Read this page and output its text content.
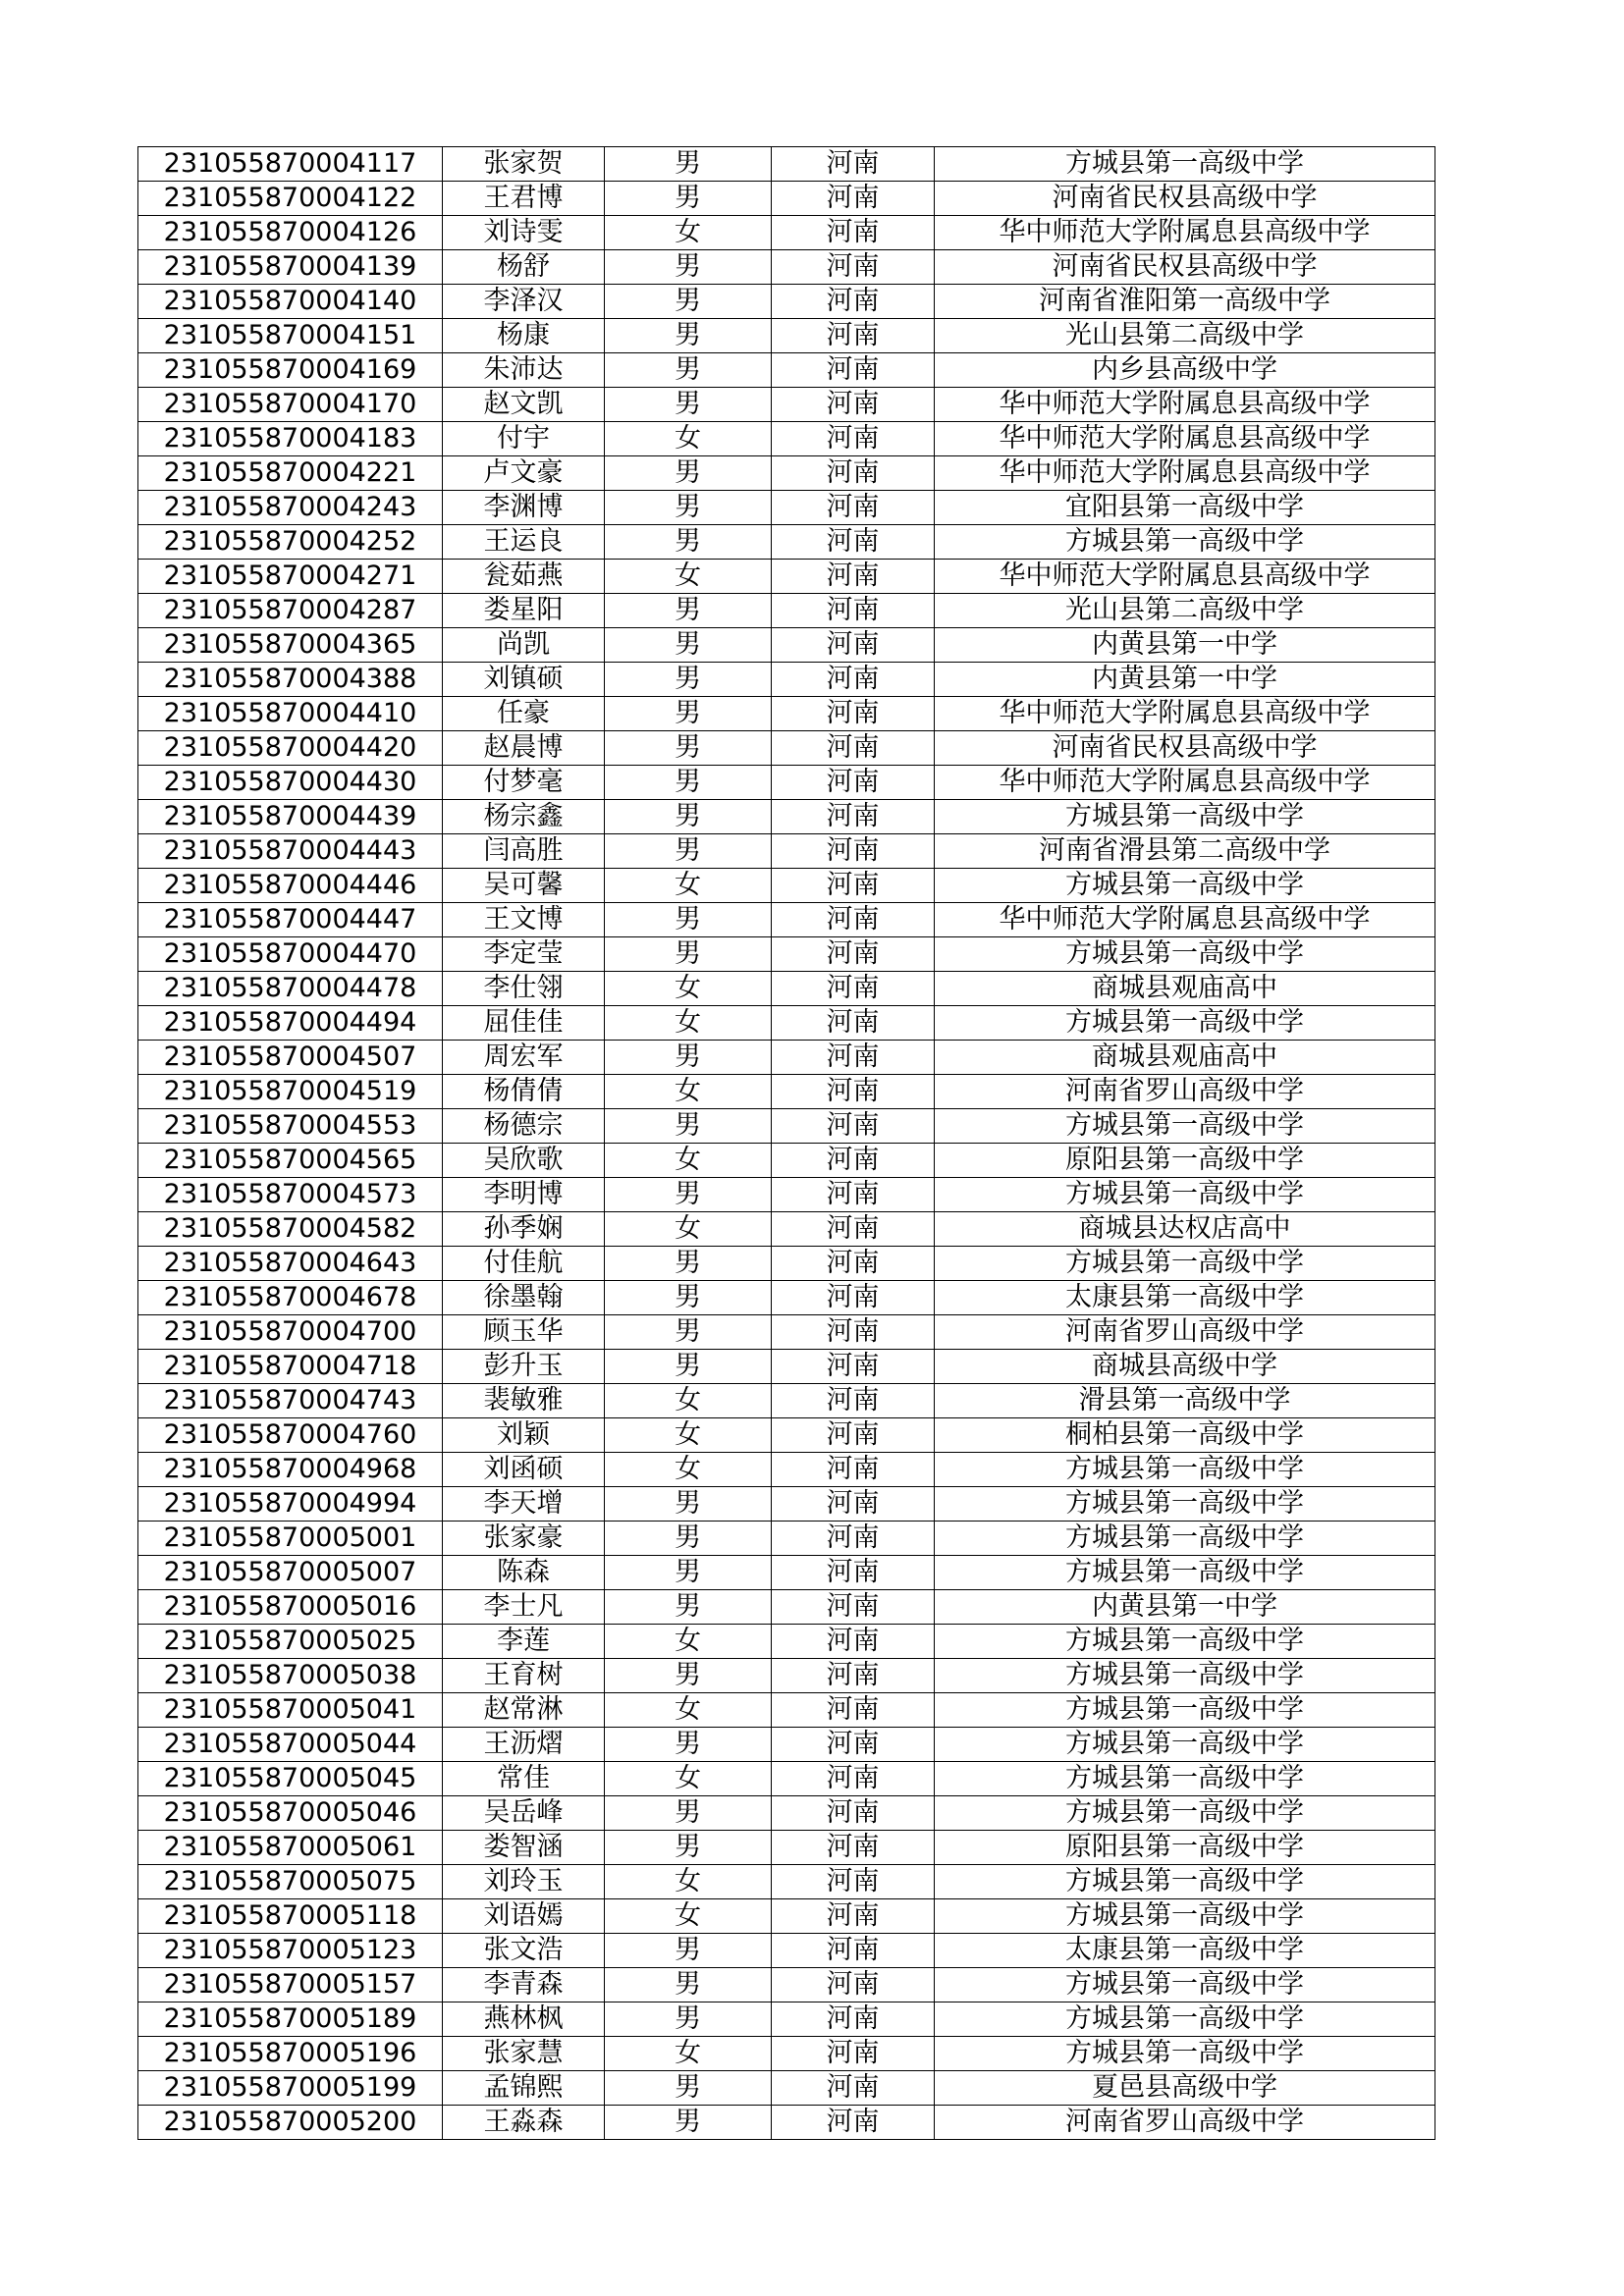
231055870004117	张家贺	男	河南	方城县第一高级中学
231055870004122	王君博	男	河南	河南省民权县高级中学
231055870004126	刘诗雯	女	河南	华中师范大学附属息县高级中学
231055870004139	杨舒	男	河南	河南省民权县高级中学
231055870004140	李泽汉	男	河南	河南省淮阳第一高级中学
231055870004151	杨康	男	河南	光山县第二高级中学
231055870004169	朱沛达	男	河南	内乡县高级中学
231055870004170	赵文凯	男	河南	华中师范大学附属息县高级中学
231055870004183	付宇	女	河南	华中师范大学附属息县高级中学
231055870004221	卢文豪	男	河南	华中师范大学附属息县高级中学
231055870004243	李渊博	男	河南	宜阳县第一高级中学
231055870004252	王运良	男	河南	方城县第一高级中学
231055870004271	瓮茹燕	女	河南	华中师范大学附属息县高级中学
231055870004287	娄星阳	男	河南	光山县第二高级中学
231055870004365	尚凯	男	河南	内黄县第一中学
231055870004388	刘镇硕	男	河南	内黄县第一中学
231055870004410	任豪	男	河南	华中师范大学附属息县高级中学
231055870004420	赵晨博	男	河南	河南省民权县高级中学
231055870004430	付梦毫	男	河南	华中师范大学附属息县高级中学
231055870004439	杨宗鑫	男	河南	方城县第一高级中学
231055870004443	闫高胜	男	河南	河南省滑县第二高级中学
231055870004446	吴可馨	女	河南	方城县第一高级中学
231055870004447	王文博	男	河南	华中师范大学附属息县高级中学
231055870004470	李定莹	男	河南	方城县第一高级中学
231055870004478	李仕翎	女	河南	商城县观庙高中
231055870004494	屈佳佳	女	河南	方城县第一高级中学
231055870004507	周宏军	男	河南	商城县观庙高中
231055870004519	杨倩倩	女	河南	河南省罗山高级中学
231055870004553	杨德宗	男	河南	方城县第一高级中学
231055870004565	吴欣歌	女	河南	原阳县第一高级中学
231055870004573	李明博	男	河南	方城县第一高级中学
231055870004582	孙季娴	女	河南	商城县达权店高中
231055870004643	付佳航	男	河南	方城县第一高级中学
231055870004678	徐墨翰	男	河南	太康县第一高级中学
231055870004700	顾玉华	男	河南	河南省罗山高级中学
231055870004718	彭升玉	男	河南	商城县高级中学
231055870004743	裴敏雅	女	河南	滑县第一高级中学
231055870004760	刘颖	女	河南	桐柏县第一高级中学
231055870004968	刘函硕	女	河南	方城县第一高级中学
231055870004994	李天增	男	河南	方城县第一高级中学
231055870005001	张家豪	男	河南	方城县第一高级中学
231055870005007	陈森	男	河南	方城县第一高级中学
231055870005016	李士凡	男	河南	内黄县第一中学
231055870005025	李莲	女	河南	方城县第一高级中学
231055870005038	王育树	男	河南	方城县第一高级中学
231055870005041	赵常淋	女	河南	方城县第一高级中学
231055870005044	王沥熠	男	河南	方城县第一高级中学
231055870005045	常佳	女	河南	方城县第一高级中学
231055870005046	吴岳峰	男	河南	方城县第一高级中学
231055870005061	娄智涵	男	河南	原阳县第一高级中学
231055870005075	刘玲玉	女	河南	方城县第一高级中学
231055870005118	刘语嫣	女	河南	方城县第一高级中学
231055870005123	张文浩	男	河南	太康县第一高级中学
231055870005157	李青森	男	河南	方城县第一高级中学
231055870005189	燕林枫	男	河南	方城县第一高级中学
231055870005196	张家慧	女	河南	方城县第一高级中学
231055870005199	孟锦熙	男	河南	夏邑县高级中学
231055870005200	王淼森	男	河南	河南省罗山高级中学
